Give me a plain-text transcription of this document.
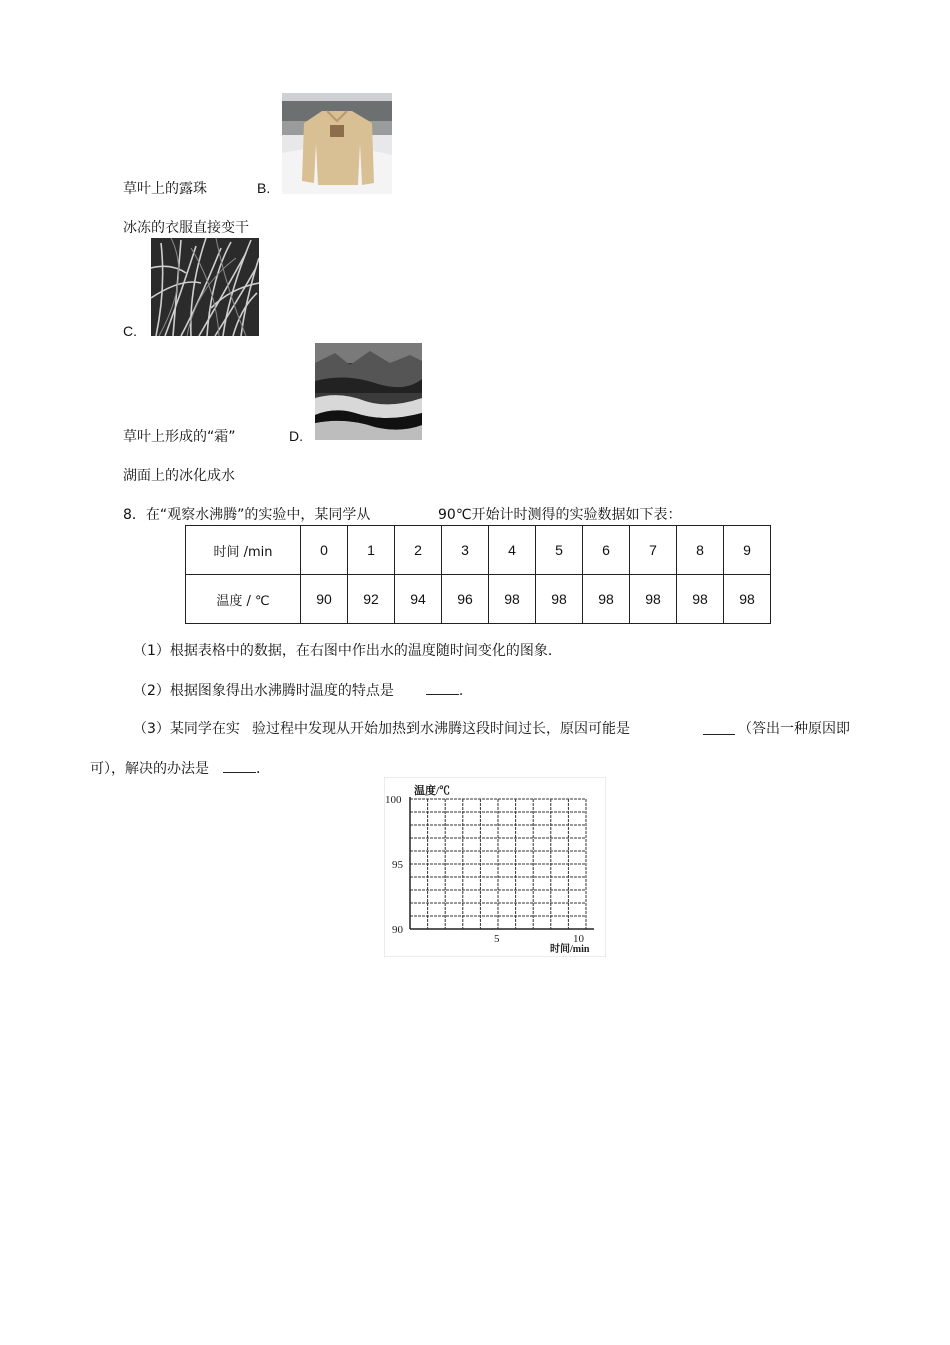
草叶上的露珠	B.
冰冻的衣服直接变干
C.
草叶上形成的“霜”	D.
湖面上的冰化成水
8．在“观察水沸腾”的实验中，某同学从	90℃开始计时测得的实验数据如下表：
时间 /min	0	1	2	3	4	5	6	7	8	9
温度 / ℃	90	92	94	96	98	98	98	98	98	98
（1）根据表格中的数据，在右图中作出水的温度随时间变化的图象.
（2）根据图象得出水沸腾时温度的特点是	.
（3）某同学在实 验过程中发现从开始加热到水沸腾这段时间过长，原因可能是	（答出一种原因即
可），解决的办法是	.
温度/℃
时间/min
100
95
90
5	10
